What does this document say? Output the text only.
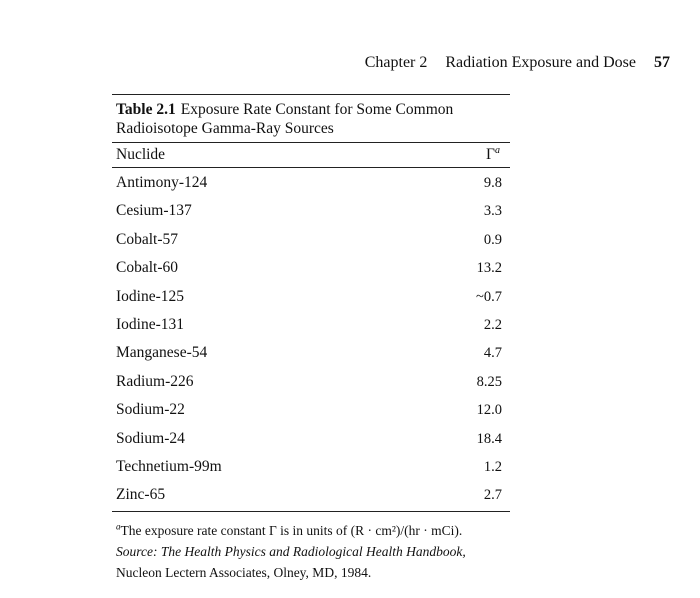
Chapter 2 Radiation Exposure and Dose 57
Table 2.1 Exposure Rate Constant for Some Common Radioisotope Gamma-Ray Sources
Nuclide	$\Gamma^a$
Antimony-124	9.8
Cesium-137	3.3
Cobalt-57	0.9
Cobalt-60	13.2
Iodine-125	~0.7
Iodine-131	2.2
Manganese-54	4.7
Radium-226	8.25
Sodium-22	12.0
Sodium-24	18.4
Technetium-99m	1.2
Zinc-65	2.7
$^a$The exposure rate constant Γ is in units of (R · cm²)/(hr · mCi).
Source: The Health Physics and Radiological Health Handbook,
Nucleon Lectern Associates, Olney, MD, 1984.
